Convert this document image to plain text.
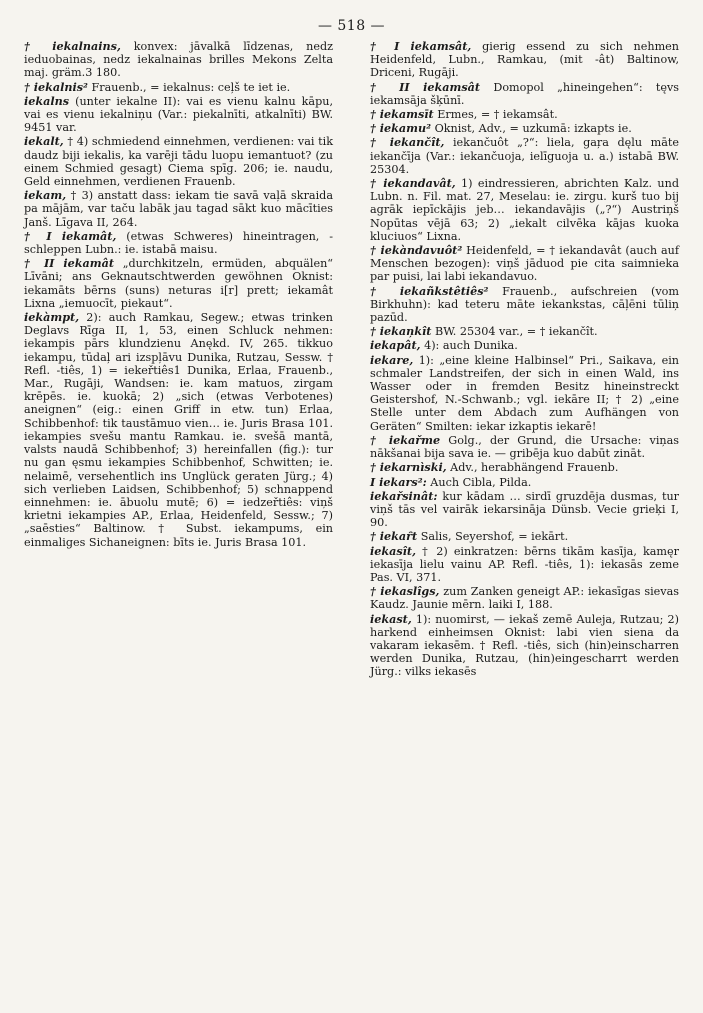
— 518 —

† iekalnains, konvex: jāvalkā līdzenas, nedz ieduobainas, nedz iekalnainas brilles Mekons Zelta maj. gräm.3 180.

† iekalnis² Frauenb., = iekalnus: ceļš te iet ie.

iekalns (unter iekalne II): vai es vienu kalnu kāpu, vai es vienu iekalniņu (Var.: piekalnīti, atkalnīti) BW. 9451 var.

iekalt, † 4) schmiedend einnehmen, verdienen: vai tik daudz biji iekalis, ka varēji tādu luopu iemantuot? (zu einem Schmied gesagt) Ciema spīg. 206; ie. naudu, Geld einnehmen, verdienen Frauenb.

iekam, † 3) anstatt dass: iekam tie savā vaļā skraida pa mājām, var taču labāk jau tagad sākt kuo mācīties Janš. Līgava II, 264.

† I iekamât, (etwas Schweres) hineintragen, -schleppen Lubn.: ie. istabā maisu.

† II iekamât „durchkitzeln, ermüden, abquälen“ Līvāni; ans Geknautschtwerden gewöhnen Oknist: iekamāts bērns (suns) neturas i[r] prett; iekamât Lixna „iemuocīt, piekaut“.

iekàmpt, 2): auch Ramkau, Segew.; etwas trinken Deglavs Rīga II, 1, 53, einen Schluck nehmen: iekampis pārs klundzienu Anękd. IV, 265. tikkuo iekampu, tūdaļ ari izspļāvu Dunika, Rutzau, Sessw. † Refl. -tiês, 1) = iekeřtiês1 Dunika, Erlaa, Frauenb., Mar., Rugāji, Wandsen: ie. kam matuos, zirgam krēpēs. ie. kuokā; 2) „sich (etwas Verbotenes) aneignen“ (eig.: einen Griff in etw. tun) Erlaa, Schibbenhof: tik taustāmuo vien… ie. Juris Brasa 101. iekampies svešu mantu Ramkau. ie. svešā mantā, valsts naudā Schibbenhof; 3) hereinfallen (fig.): tur nu gan ęsmu iekampies Schibbenhof, Schwitten; ie. nelaimē, versehentlich ins Unglück geraten Jürg.; 4) sich verlieben Laidsen, Schibbenhof; 5) schnappend einnehmen: ie. ābuolu mutē; 6) = iedzeřtiês: viņš krietni iekampies AP., Erlaa, Heidenfeld, Sessw.; 7) „saēsties“ Baltinow. † Subst. iekampums, ein einmaliges Sichaneignen: bīts ie. Juris Brasa 101.

† I iekamsât, gierig essend zu sich nehmen Heidenfeld, Lubn., Ramkau, (mit -ât) Baltinow, Driceni, Rugāji.

† II iekamsât Domopol „hineingehen“: tęvs iekamsāja šķūnī.

† iekamsīt Ermes, = † iekamsât.

† iekamu² Oknist, Adv., = uzkumā: izkapts ie.

† iekančît, iekančuôt „?“: liela, gaŗa dęlu māte iekančīja (Var.: iekančuoja, ielīguoja u. a.) istabā BW. 25304.

† iekandavât, 1) eindressieren, abrichten Kalz. und Lubn. n. Fil. mat. 27, Meselau: ie. zirgu. kurš tuo bij agrāk iepīckājis jeb… iekandavājis („?“) Austriņš Nopūtas vējā 63; 2) „iekalt cilvēka kājas kuoka kluciuos“ Lixna.

† iekàndavuôt² Heidenfeld, = † iekandavât (auch auf Menschen bezogen): viņš jāduod pie cita saimnieka par puisi, lai labi iekandavuo.

† iekañkstêtiês² Frauenb., aufschreien (vom Birkhuhn): kad teteru māte iekankstas, cāļēni tūliņ pazūd.

† iekaņkît BW. 25304 var., = † iekančît.

iekapât, 4): auch Dunika.

iekare, 1): „eine kleine Halbinsel“ Pri., Saikava, ein schmaler Landstreifen, der sich in einen Wald, ins Wasser oder in fremden Besitz hineinstreckt Geistershof, N.-Schwanb.; vgl. iekāre II; † 2) „eine Stelle unter dem Abdach zum Aufhängen von Geräten“ Smilten: iekar izkaptis iekarē!

† iekařme Golg., der Grund, die Ursache: viņas nākšanai bija sava ie. — gribēja kuo dabūt zināt.

† iekarnìski, Adv., herabhängend Frauenb.

I iekars²: Auch Cibla, Pilda.

iekařsinât: kur kādam … sirdī gruzdēja dusmas, tur viņš tās vel vairāk iekarsināja Dünsb. Vecie grieķi I, 90.

† iekaȓt Salis, Seyershof, = iekārt.

iekasît, † 2) einkratzen: bērns tikām kasīja, kamęr iekasīja lielu vainu AP. Refl. -tiês, 1): iekasās zeme Pas. VI, 371.

† iekaslîgs, zum Zanken geneigt AP.: iekasīgas sievas Kaudz. Jaunie mērn. laiki I, 188.

iekast, 1): nuomirst, — iekaš zemē Auleja, Rutzau; 2) harkend einheimsen Oknist: labi vien siena da vakaram iekasēm. † Refl. -tiês, sich (hin)einscharren werden Dunika, Rutzau, (hin)eingescharrt werden Jürg.: vilks iekasēs
